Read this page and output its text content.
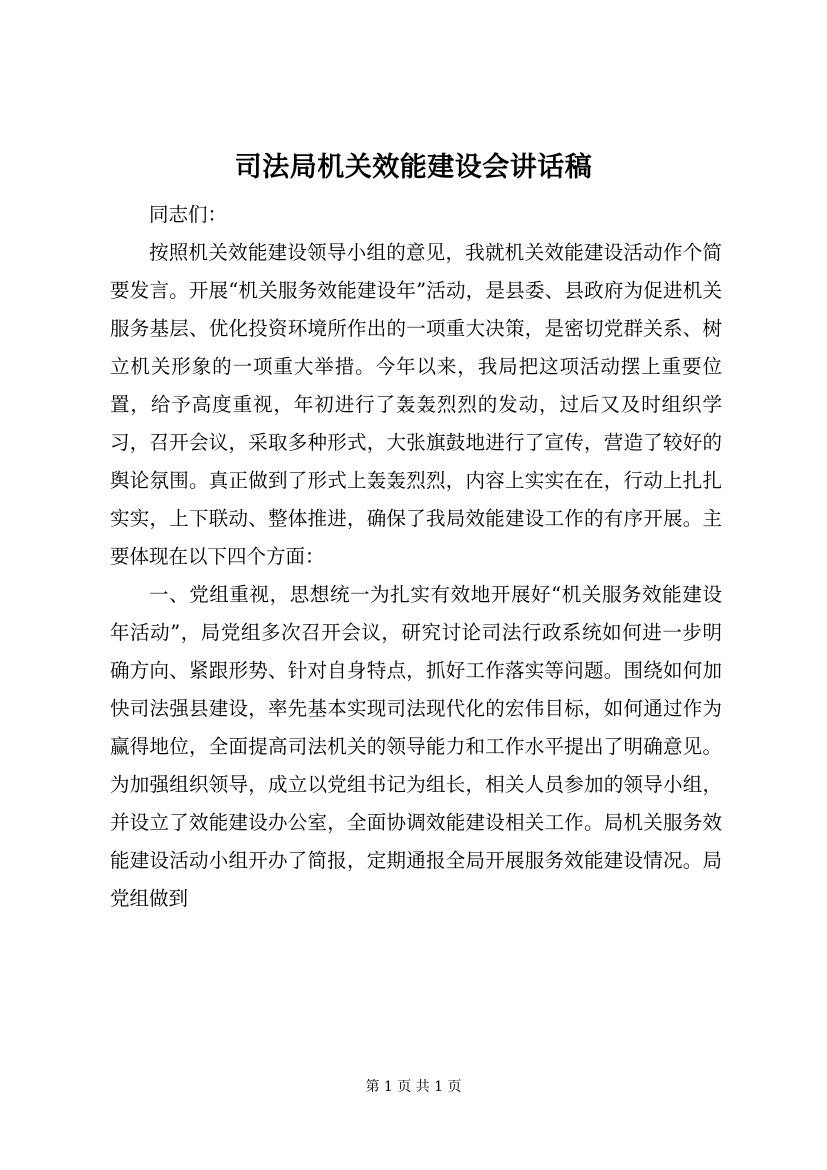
司法局机关效能建设会讲话稿

同志们：

按照机关效能建设领导小组的意见，我就机关效能建设活动作个简要发言。开展“机关服务效能建设年”活动，是县委、县政府为促进机关服务基层、优化投资环境所作出的一项重大决策，是密切党群关系、树立机关形象的一项重大举措。今年以来，我局把这项活动摆上重要位置，给予高度重视，年初进行了轰轰烈烈的发动，过后又及时组织学习，召开会议，采取多种形式，大张旗鼓地进行了宣传，营造了较好的舆论氛围。真正做到了形式上轰轰烈烈，内容上实实在在，行动上扎扎实实，上下联动、整体推进，确保了我局效能建设工作的有序开展。主要体现在以下四个方面：

一、党组重视，思想统一为扎实有效地开展好“机关服务效能建设年活动”，局党组多次召开会议，研究讨论司法行政系统如何进一步明确方向、紧跟形势、针对自身特点，抓好工作落实等问题。围绕如何加快司法强县建设，率先基本实现司法现代化的宏伟目标，如何通过作为赢得地位，全面提高司法机关的领导能力和工作水平提出了明确意见。为加强组织领导，成立以党组书记为组长，相关人员参加的领导小组，并设立了效能建设办公室，全面协调效能建设相关工作。局机关服务效能建设活动小组开办了简报，定期通报全局开展服务效能建设情况。局党组做到

第 1 页 共 1 页
